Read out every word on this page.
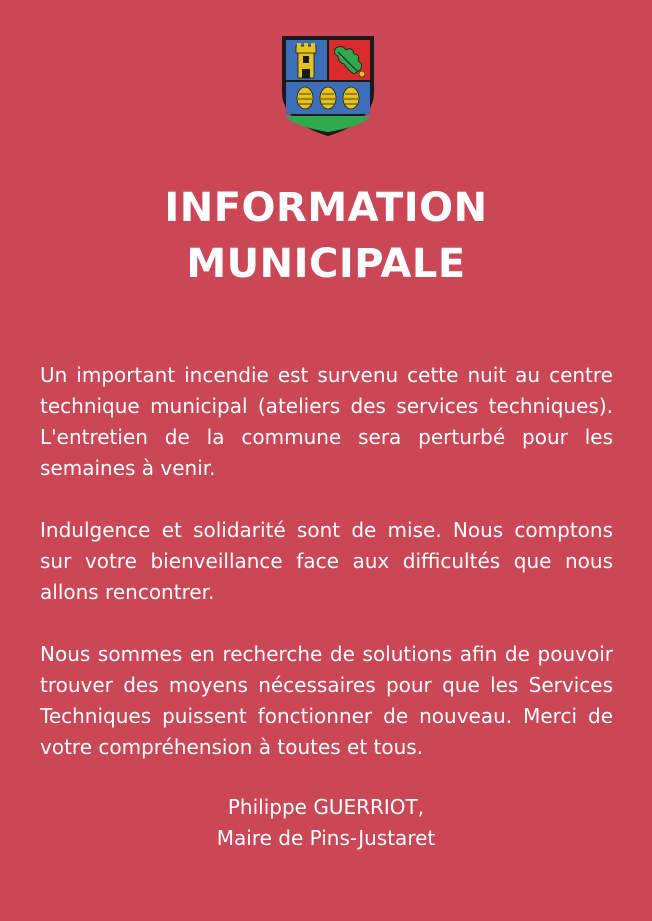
INFORMATION
MUNICIPALE

Un important incendie est survenu cette nuit au centre technique municipal (ateliers des services techniques). L'entretien de la commune sera perturbé pour les semaines à venir.

Indulgence et solidarité sont de mise. Nous comptons sur votre bienveillance face aux difficultés que nous allons rencontrer.

Nous sommes en recherche de solutions afin de pouvoir trouver des moyens nécessaires pour que les Services Techniques puissent fonctionner de nouveau. Merci de votre compréhension à toutes et tous.

Philippe GUERRIOT,
Maire de Pins-Justaret
